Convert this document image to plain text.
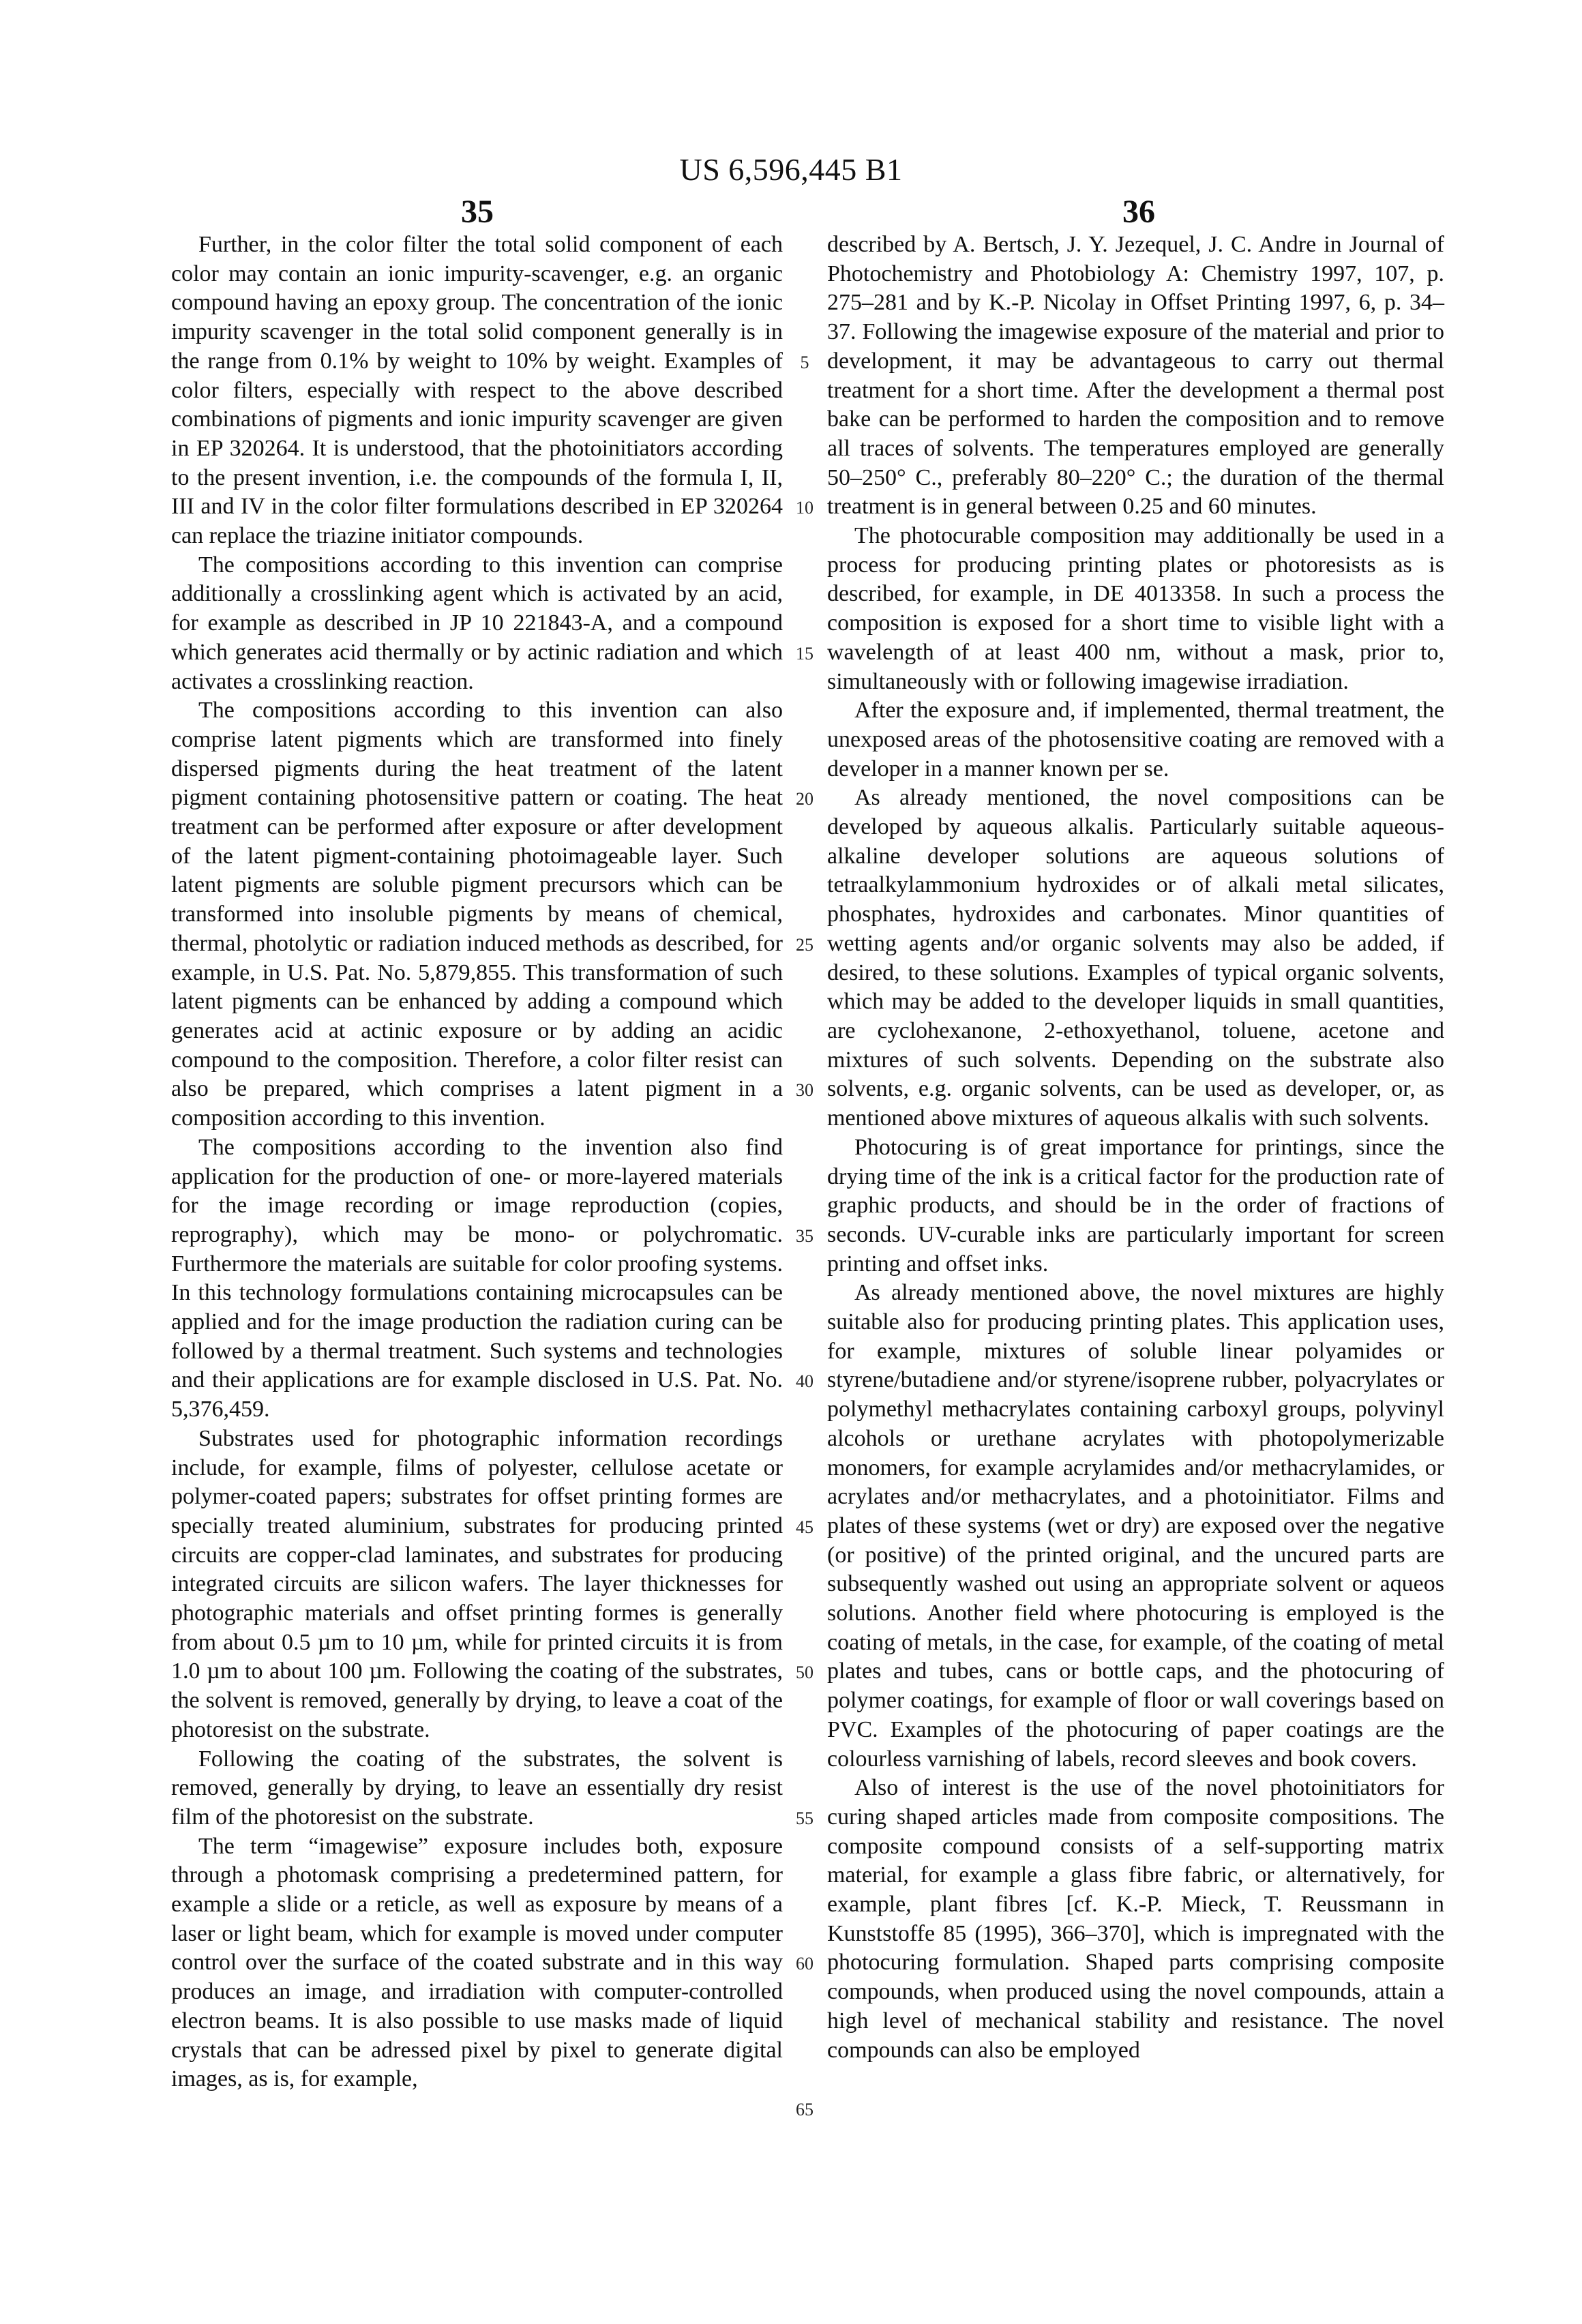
US 6,596,445 B1
35	36

Further, in the color filter the total solid component of each color may contain an ionic impurity-scavenger, e.g. an organic compound having an epoxy group. The concentration of the ionic impurity scavenger in the total solid component generally is in the range from 0.1% by weight to 10% by weight. Examples of color filters, especially with respect to the above described combinations of pigments and ionic impurity scavenger are given in EP 320264. It is understood, that the photoinitiators according to the present invention, i.e. the compounds of the formula I, II, III and IV in the color filter formulations described in EP 320264 can replace the triazine initiator compounds.

The compositions according to this invention can comprise additionally a crosslinking agent which is activated by an acid, for example as described in JP 10 221843-A, and a compound which generates acid thermally or by actinic radiation and which activates a crosslinking reaction.

The compositions according to this invention can also comprise latent pigments which are transformed into finely dispersed pigments during the heat treatment of the latent pigment containing photosensitive pattern or coating. The heat treatment can be performed after exposure or after development of the latent pigment-containing photoimageable layer. Such latent pigments are soluble pigment precursors which can be transformed into insoluble pigments by means of chemical, thermal, photolytic or radiation induced methods as described, for example, in U.S. Pat. No. 5,879,855. This transformation of such latent pigments can be enhanced by adding a compound which generates acid at actinic exposure or by adding an acidic compound to the composition. Therefore, a color filter resist can also be prepared, which comprises a latent pigment in a composition according to this invention.

The compositions according to the invention also find application for the production of one- or more-layered materials for the image recording or image reproduction (copies, reprography), which may be mono- or polychromatic. Furthermore the materials are suitable for color proofing systems. In this technology formulations containing microcapsules can be applied and for the image production the radiation curing can be followed by a thermal treatment. Such systems and technologies and their applications are for example disclosed in U.S. Pat. No. 5,376,459.

Substrates used for photographic information recordings include, for example, films of polyester, cellulose acetate or polymer-coated papers; substrates for offset printing formes are specially treated aluminium, substrates for producing printed circuits are copper-clad laminates, and substrates for producing integrated circuits are silicon wafers. The layer thicknesses for photographic materials and offset printing formes is generally from about 0.5 µm to 10 µm, while for printed circuits it is from 1.0 µm to about 100 µm. Following the coating of the substrates, the solvent is removed, generally by drying, to leave a coat of the photoresist on the substrate.

Following the coating of the substrates, the solvent is removed, generally by drying, to leave an essentially dry resist film of the photoresist on the substrate.

The term “imagewise” exposure includes both, exposure through a photomask comprising a predetermined pattern, for example a slide or a reticle, as well as exposure by means of a laser or light beam, which for example is moved under computer control over the surface of the coated substrate and in this way produces an image, and irradiation with computer-controlled electron beams. It is also possible to use masks made of liquid crystals that can be adressed pixel by pixel to generate digital images, as is, for example,

described by A. Bertsch, J. Y. Jezequel, J. C. Andre in Journal of Photochemistry and Photobiology A: Chemistry 1997, 107, p. 275–281 and by K.-P. Nicolay in Offset Printing 1997, 6, p. 34–37. Following the imagewise exposure of the material and prior to development, it may be advantageous to carry out thermal treatment for a short time. After the development a thermal post bake can be performed to harden the composition and to remove all traces of solvents. The temperatures employed are generally 50–250° C., preferably 80–220° C.; the duration of the thermal treatment is in general between 0.25 and 60 minutes.

The photocurable composition may additionally be used in a process for producing printing plates or photoresists as is described, for example, in DE 4013358. In such a process the composition is exposed for a short time to visible light with a wavelength of at least 400 nm, without a mask, prior to, simultaneously with or following imagewise irradiation.

After the exposure and, if implemented, thermal treatment, the unexposed areas of the photosensitive coating are removed with a developer in a manner known per se.

As already mentioned, the novel compositions can be developed by aqueous alkalis. Particularly suitable aqueous-alkaline developer solutions are aqueous solutions of tetraalkylammonium hydroxides or of alkali metal silicates, phosphates, hydroxides and carbonates. Minor quantities of wetting agents and/or organic solvents may also be added, if desired, to these solutions. Examples of typical organic solvents, which may be added to the developer liquids in small quantities, are cyclohexanone, 2-ethoxyethanol, toluene, acetone and mixtures of such solvents. Depending on the substrate also solvents, e.g. organic solvents, can be used as developer, or, as mentioned above mixtures of aqueous alkalis with such solvents.

Photocuring is of great importance for printings, since the drying time of the ink is a critical factor for the production rate of graphic products, and should be in the order of fractions of seconds. UV-curable inks are particularly important for screen printing and offset inks.

As already mentioned above, the novel mixtures are highly suitable also for producing printing plates. This application uses, for example, mixtures of soluble linear polyamides or styrene/butadiene and/or styrene/isoprene rubber, polyacrylates or polymethyl methacrylates containing carboxyl groups, polyvinyl alcohols or urethane acrylates with photopolymerizable monomers, for example acrylamides and/or methacrylamides, or acrylates and/or methacrylates, and a photoinitiator. Films and plates of these systems (wet or dry) are exposed over the negative (or positive) of the printed original, and the uncured parts are subsequently washed out using an appropriate solvent or aqueos solutions. Another field where photocuring is employed is the coating of metals, in the case, for example, of the coating of metal plates and tubes, cans or bottle caps, and the photocuring of polymer coatings, for example of floor or wall coverings based on PVC. Examples of the photocuring of paper coatings are the colourless varnishing of labels, record sleeves and book covers.

Also of interest is the use of the novel photoinitiators for curing shaped articles made from composite compositions. The composite compound consists of a self-supporting matrix material, for example a glass fibre fabric, or alternatively, for example, plant fibres [cf. K.-P. Mieck, T. Reussmann in Kunststoffe 85 (1995), 366–370], which is impregnated with the photocuring formulation. Shaped parts comprising composite compounds, when produced using the novel compounds, attain a high level of mechanical stability and resistance. The novel compounds can also be employed

5
10
15
20
25
30
35
40
45
50
55
60
65
